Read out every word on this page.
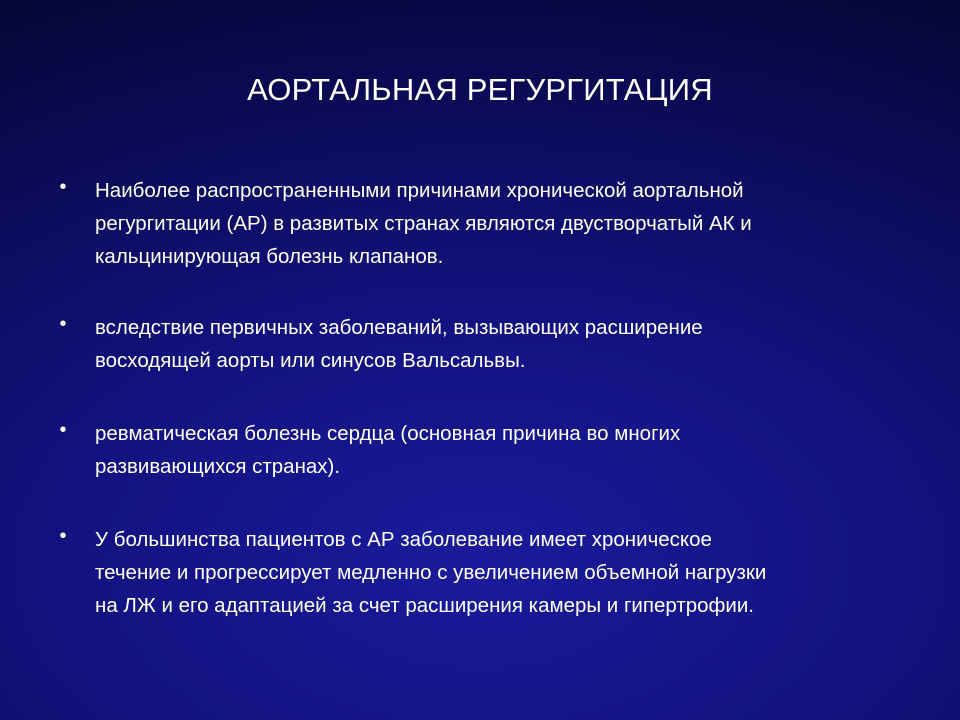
АОРТАЛЬНАЯ РЕГУРГИТАЦИЯ
• Наиболее распространенными причинами хронической аортальной
регургитации (АР) в развитых странах являются двустворчатый АК и
кальцинирующая болезнь клапанов.
• вследствие первичных заболеваний, вызывающих расширение
восходящей аорты или синусов Вальсальвы.
• ревматическая болезнь сердца (основная причина во многих
развивающихся странах).
• У большинства пациентов с АР заболевание имеет хроническое
течение и прогрессирует медленно с увеличением объемной нагрузки
на ЛЖ и его адаптацией за счет расширения камеры и гипертрофии.
